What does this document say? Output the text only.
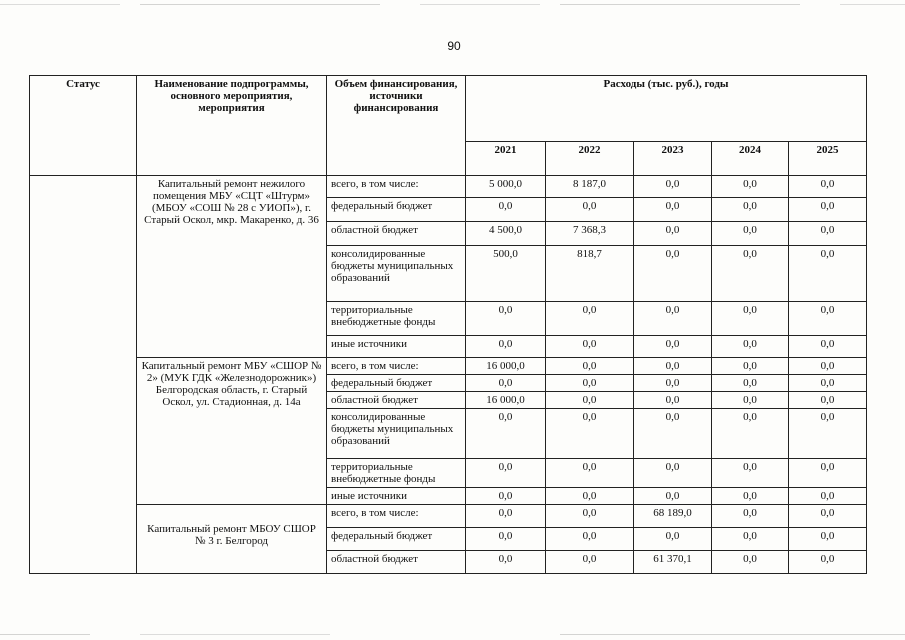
90
Статус	Наименование подпрограммы, основного мероприятия, мероприятия	Объем финансирования, источники финансирования	Расходы (тыс. руб.), годы				
			2021	2022	2023	2024	2025
	Капитальный ремонт нежилого помещения МБУ «СЦТ «Штурм» (МБОУ «СОШ № 28 с УИОП»), г. Старый Оскол, мкр. Макаренко, д. 36	всего, в том числе:	5 000,0	8 187,0	0,0	0,0	0,0
		федеральный бюджет	0,0	0,0	0,0	0,0	0,0
		областной бюджет	4 500,0	7 368,3	0,0	0,0	0,0
		консолидированные бюджеты муниципальных образований	500,0	818,7	0,0	0,0	0,0
		территориальные внебюджетные фонды	0,0	0,0	0,0	0,0	0,0
		иные источники	0,0	0,0	0,0	0,0	0,0
	Капитальный ремонт МБУ «СШОР № 2» (МУК ГДК «Железнодорожник») Белгородская область, г. Старый Оскол, ул. Стадионная, д. 14а	всего, в том числе:	16 000,0	0,0	0,0	0,0	0,0
		федеральный бюджет	0,0	0,0	0,0	0,0	0,0
		областной бюджет	16 000,0	0,0	0,0	0,0	0,0
		консолидированные бюджеты муниципальных образований	0,0	0,0	0,0	0,0	0,0
		территориальные внебюджетные фонды	0,0	0,0	0,0	0,0	0,0
		иные источники	0,0	0,0	0,0	0,0	0,0
	Капитальный ремонт МБОУ СШОР № 3 г. Белгород	всего, в том числе:	0,0	0,0	68 189,0	0,0	0,0
		федеральный бюджет	0,0	0,0	0,0	0,0	0,0
		областной бюджет	0,0	0,0	61 370,1	0,0	0,0
